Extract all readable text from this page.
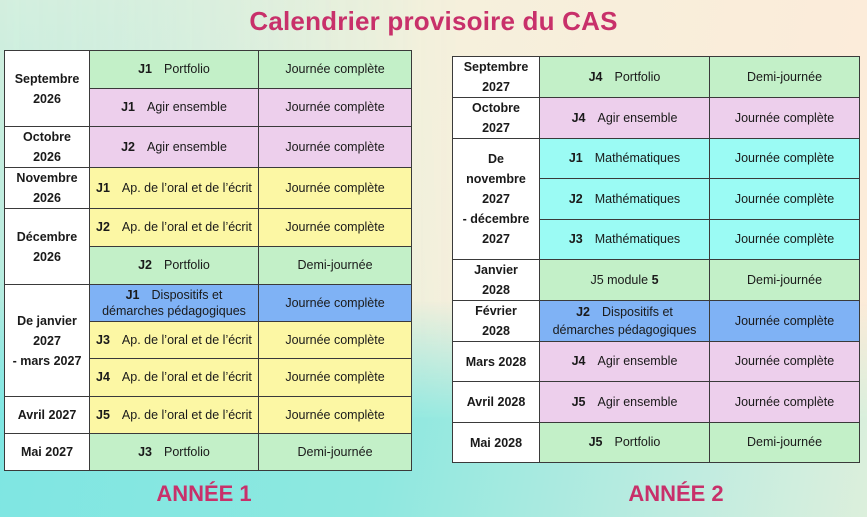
Calendrier provisoire du CAS
Septembre
2026	J1 Portfolio	Journée complète
	J1 Agir ensemble	Journée complète
Octobre
2026	J2 Agir ensemble	Journée complète
Novembre
2026	J1 Ap. de l’oral et de l’écrit	Journée complète
Décembre
2026	J2 Ap. de l’oral et de l’écrit	Journée complète
	J2 Portfolio	Demi-journée
De janvier
2027
- mars 2027	J1 Dispositifs et
démarches pédagogiques	Journée complète
	J3 Ap. de l’oral et de l’écrit	Journée complète
	J4 Ap. de l’oral et de l’écrit	Journée complète
Avril 2027	J5 Ap. de l’oral et de l’écrit	Journée complète
Mai 2027	J3 Portfolio	Demi-journée
Septembre
2027	J4 Portfolio	Demi-journée
Octobre
2027	J4 Agir ensemble	Journée complète
De
novembre
2027
- décembre
2027	J1 Mathématiques	Journée complète
	J2 Mathématiques	Journée complète
	J3 Mathématiques	Journée complète
Janvier
2028	J5 module 5	Demi-journée
Février
2028	J2 Dispositifs et
démarches pédagogiques	Journée complète
Mars 2028	J4 Agir ensemble	Journée complète
Avril 2028	J5 Agir ensemble	Journée complète
Mai 2028	J5 Portfolio	Demi-journée
ANNÉE 1	ANNÉE 2
